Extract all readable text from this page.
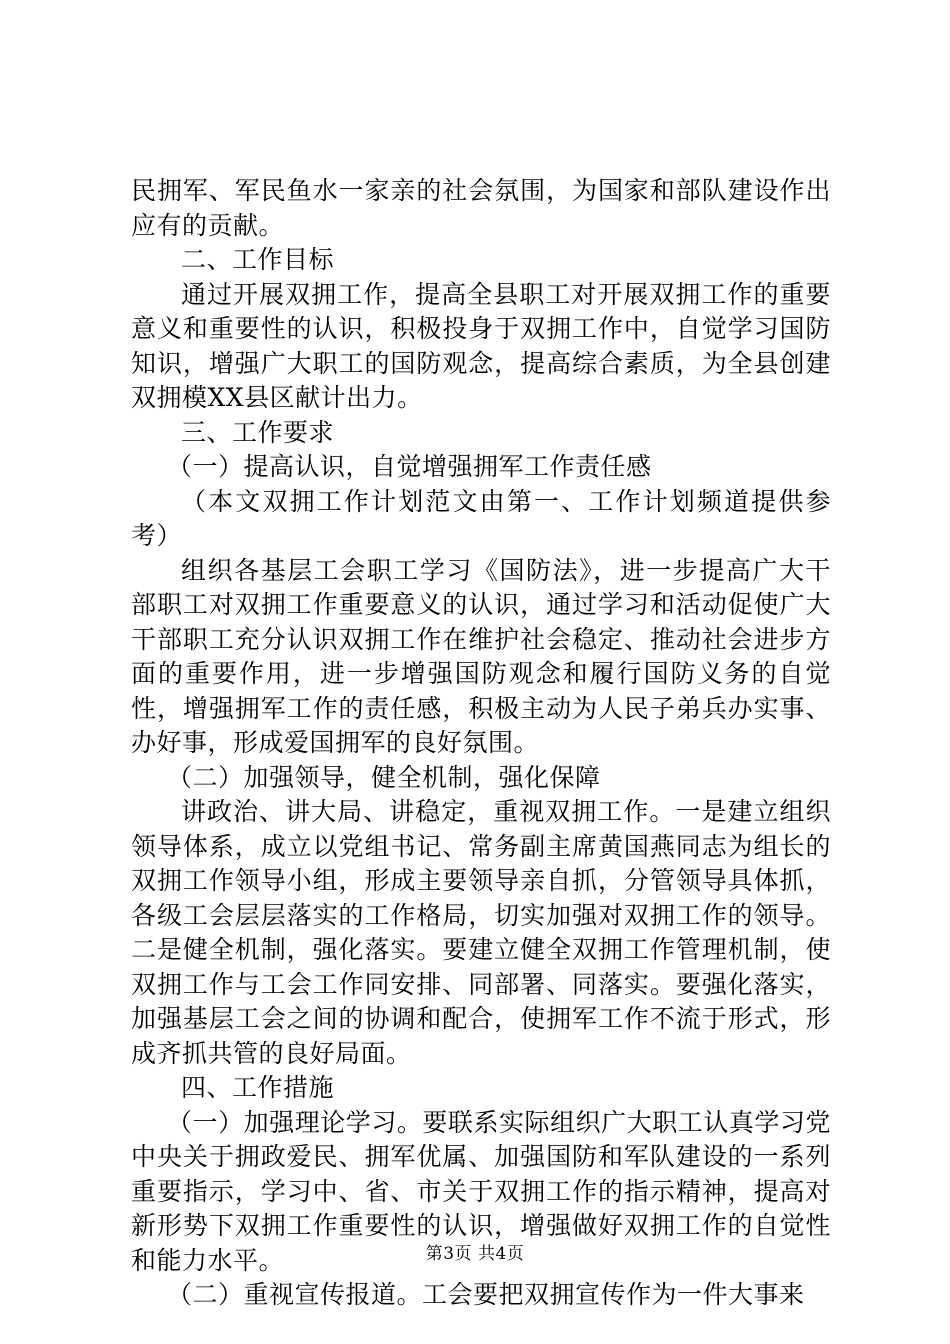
民拥军、军民鱼水一家亲的社会氛围，为国家和部队建设作出应有的贡献。

二、工作目标

通过开展双拥工作，提高全县职工对开展双拥工作的重要意义和重要性的认识，积极投身于双拥工作中，自觉学习国防知识，增强广大职工的国防观念，提高综合素质，为全县创建双拥模XX县区献计出力。

三、工作要求

（一）提高认识，自觉增强拥军工作责任感

（本文双拥工作计划范文由第一、工作计划频道提供参考）

组织各基层工会职工学习《国防法》，进一步提高广大干部职工对双拥工作重要意义的认识，通过学习和活动促使广大干部职工充分认识双拥工作在维护社会稳定、推动社会进步方面的重要作用，进一步增强国防观念和履行国防义务的自觉性，增强拥军工作的责任感，积极主动为人民子弟兵办实事、办好事，形成爱国拥军的良好氛围。

（二）加强领导，健全机制，强化保障

讲政治、讲大局、讲稳定，重视双拥工作。一是建立组织领导体系，成立以党组书记、常务副主席黄国燕同志为组长的双拥工作领导小组，形成主要领导亲自抓，分管领导具体抓，各级工会层层落实的工作格局，切实加强对双拥工作的领导。二是健全机制，强化落实。要建立健全双拥工作管理机制，使双拥工作与工会工作同安排、同部署、同落实。要强化落实，加强基层工会之间的协调和配合，使拥军工作不流于形式，形成齐抓共管的良好局面。

四、工作措施

（一）加强理论学习。要联系实际组织广大职工认真学习党中央关于拥政爱民、拥军优属、加强国防和军队建设的一系列重要指示，学习中、省、市关于双拥工作的指示精神，提高对新形势下双拥工作重要性的认识，增强做好双拥工作的自觉性和能力水平。

（二）重视宣传报道。工会要把双拥宣传作为一件大事来

第3页 共4页
